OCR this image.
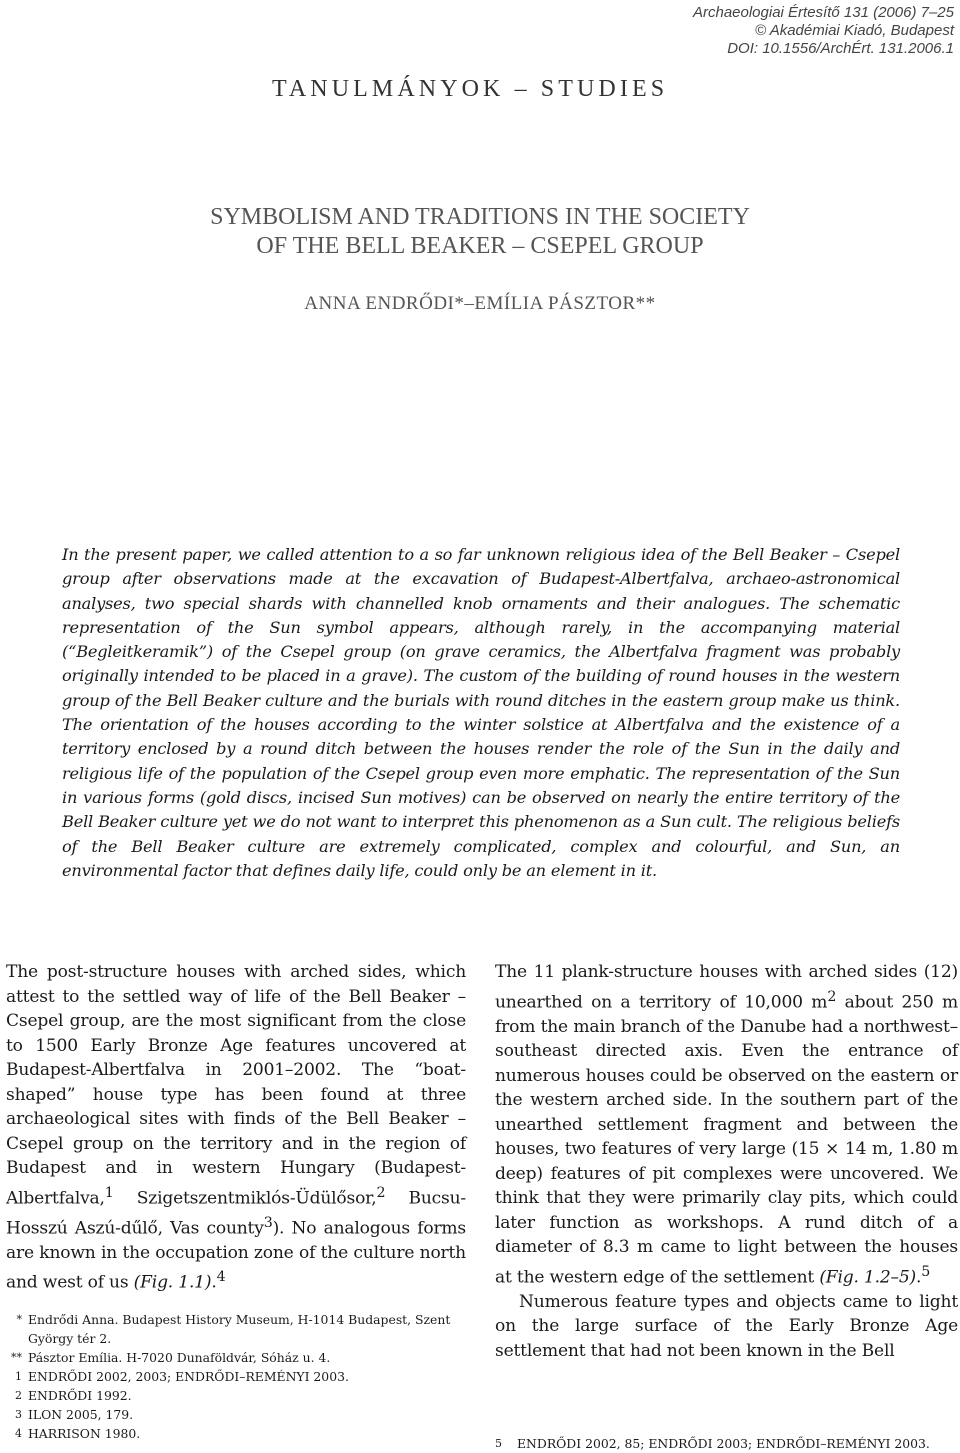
Archaeologiai Értesítő 131 (2006) 7–25
© Akadémiai Kiadó, Budapest
DOI: 10.1556/ArchÉrt. 131.2006.1
TANULMÁNYOK – STUDIES
SYMBOLISM AND TRADITIONS IN THE SOCIETY
OF THE BELL BEAKER – CSEPEL GROUP
ANNA ENDRŐDI*–EMÍLIA PÁSZTOR**
In the present paper, we called attention to a so far unknown religious idea of the Bell Beaker – Csepel group after observations made at the excavation of Budapest-Albertfalva, archaeo-astronomical analyses, two special shards with channelled knob ornaments and their analogues. The schematic representation of the Sun symbol appears, although rarely, in the accompanying material (“Begleitkeramik”) of the Csepel group (on grave ceramics, the Albertfalva fragment was probably originally intended to be placed in a grave). The custom of the building of round houses in the western group of the Bell Beaker culture and the burials with round ditches in the eastern group make us think. The orientation of the houses according to the winter solstice at Albertfalva and the existence of a territory enclosed by a round ditch between the houses render the role of the Sun in the daily and religious life of the population of the Csepel group even more emphatic. The representation of the Sun in various forms (gold discs, incised Sun motives) can be observed on nearly the entire territory of the Bell Beaker culture yet we do not want to interpret this phenomenon as a Sun cult. The religious beliefs of the Bell Beaker culture are extremely complicated, complex and colourful, and Sun, an environmental factor that defines daily life, could only be an element in it.

The post-structure houses with arched sides, which attest to the settled way of life of the Bell Beaker – Csepel group, are the most significant from the close to 1500 Early Bronze Age features uncovered at Budapest-Albertfalva in 2001–2002. The “boat-shaped” house type has been found at three archaeological sites with finds of the Bell Beaker – Csepel group on the territory and in the region of Budapest and in western Hungary (Budapest-Albertfalva,$^1$ Szigetszentmiklós-Üdülősor,$^2$ Bucsu-Hosszú Aszú-dűlő, Vas county$^3$). No analogous forms are known in the occupation zone of the culture north and west of us (Fig. 1.1).$^4$

The 11 plank-structure houses with arched sides (12) unearthed on a territory of 10,000 $m^2$ about 250 m from the main branch of the Danube had a northwest–southeast directed axis. Even the entrance of numerous houses could be observed on the eastern or the western arched side. In the southern part of the unearthed settlement fragment and between the houses, two features of very large (15 × 14 m, 1.80 m deep) features of pit complexes were uncovered. We think that they were primarily clay pits, which could later function as workshops. A rund ditch of a diameter of 8.3 m came to light between the houses at the western edge of the settlement (Fig. 1.2–5).$^5$

Numerous feature types and objects came to light on the large surface of the Early Bronze Age settlement that had not been known in the Bell

* Endrődi Anna. Budapest History Museum, H-1014 Budapest, Szent György tér 2.
** Pásztor Emília. H-7020 Dunaföldvár, Sóház u. 4.
1 ENDRŐDI 2002, 2003; ENDRŐDI–REMÉNYI 2003.
2 ENDRŐDI 1992.
3 ILON 2005, 179.
4 HARRISON 1980.
5 ENDRŐDI 2002, 85; ENDRŐDI 2003; ENDRŐDI–REMÉNYI 2003.
